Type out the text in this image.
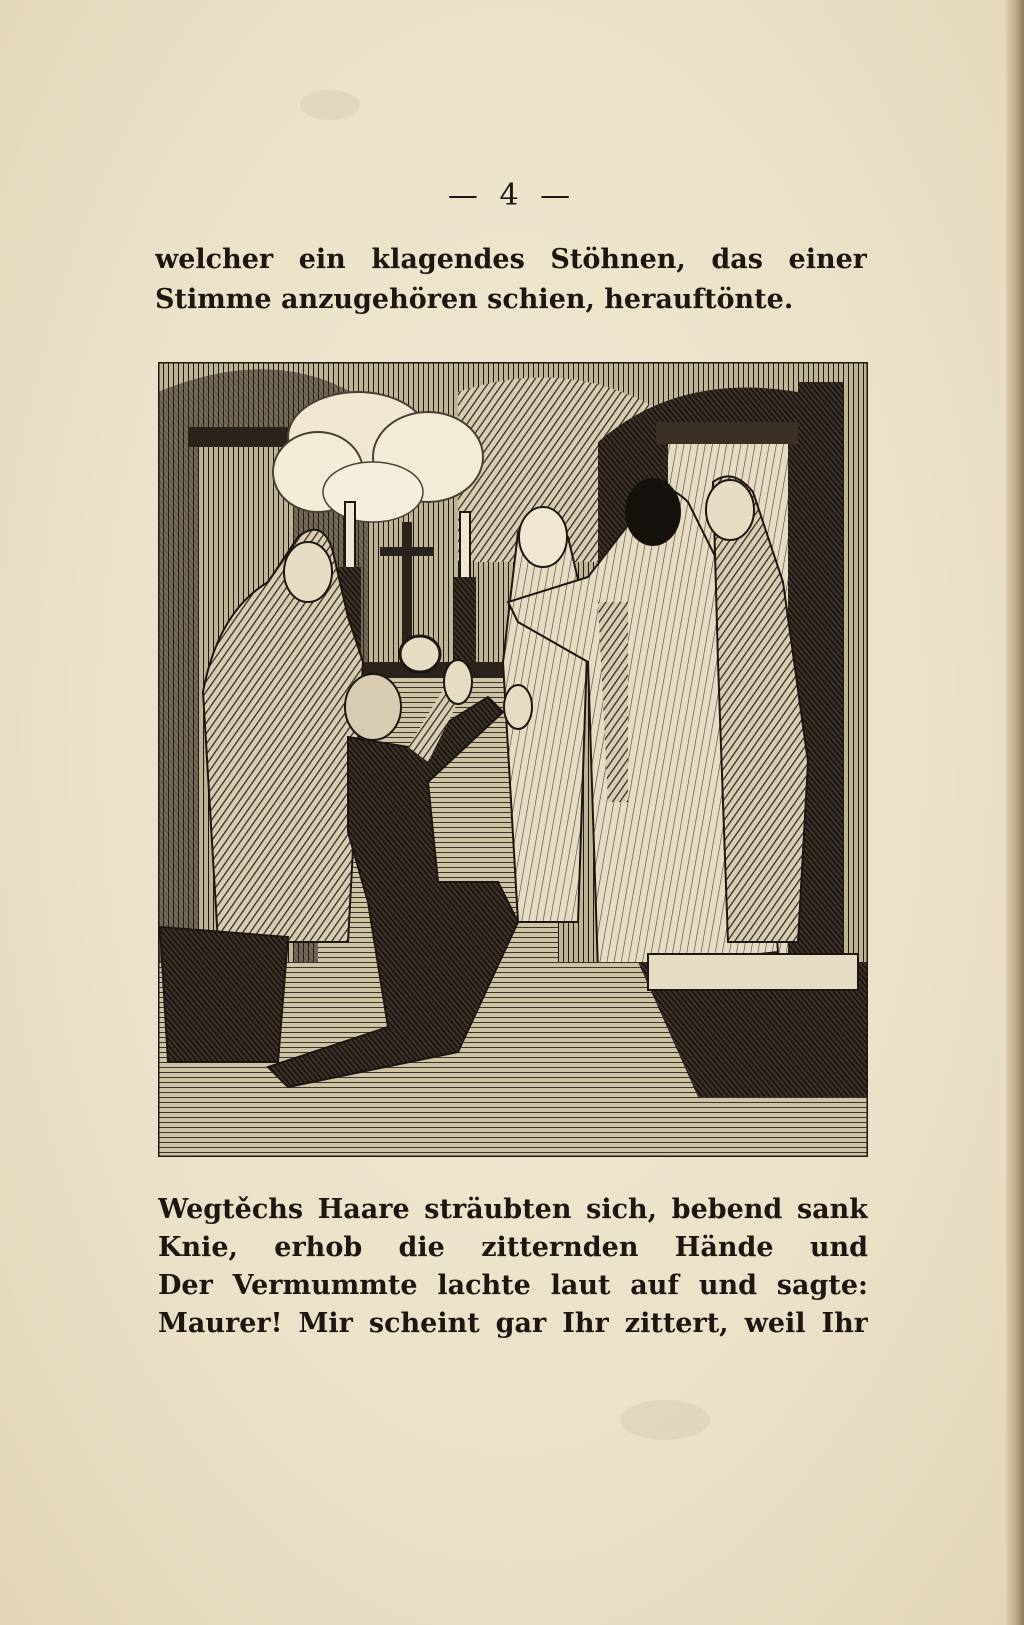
— 4 —
welcher ein klagendes Stöhnen, das einer
Stimme anzugehören schien, herauftönte.
Wegtěchs Haare sträubten sich, bebend sank
Knie, erhob die zitternden Hände und
Der Vermummte lachte laut auf und sagte:
Maurer! Mir scheint gar Ihr zittert, weil Ihr
